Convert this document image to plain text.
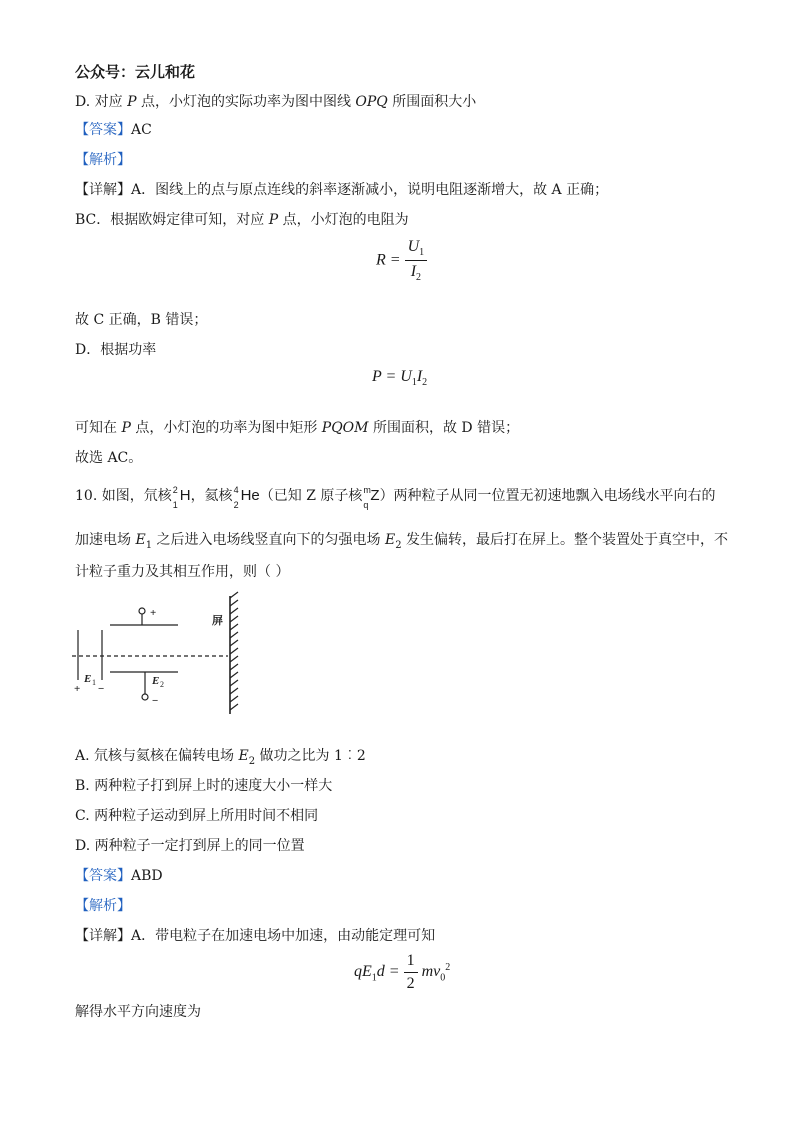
公众号：云儿和花
D. 对应 P 点，小灯泡的实际功率为图中图线 OPQ 所围面积大小
【答案】AC
【解析】
【详解】A．图线上的点与原点连线的斜率逐渐减小，说明电阻逐渐增大，故 A 正确；
BC．根据欧姆定律可知，对应 P 点，小灯泡的电阻为
$R = \frac{U_1}{I_2}$
故 C 正确，B 错误；
D．根据功率
$P = U_1I_2$
可知在 P 点，小灯泡的功率为图中矩形 PQOM 所围面积，故 D 错误；
故选 AC。
10. 如图，氘核 2
1
H，氦核 4
2
He（已知 Z 原子核 m
q
Z）两种粒子从同一位置无初速地飘入电场线水平向右的
加速电场 $E_1$ 之后进入电场线竖直向下的匀强电场 $E_2$ 发生偏转，最后打在屏上。整个装置处于真空中，不
计粒子重力及其相互作用，则（ ）
+
−
屏
E 1	E 2
+ −
A. 氘核与氦核在偏转电场 $E_2$ 做功之比为 1︰2
B. 两种粒子打到屏上时的速度大小一样大
C. 两种粒子运动到屏上所用时间不相同
D. 两种粒子一定打到屏上的同一位置
【答案】ABD
【解析】
【详解】A．带电粒子在加速电场中加速，由动能定理可知
$qE_1d = \frac{1}{2} mv_0^2$
解得水平方向速度为
